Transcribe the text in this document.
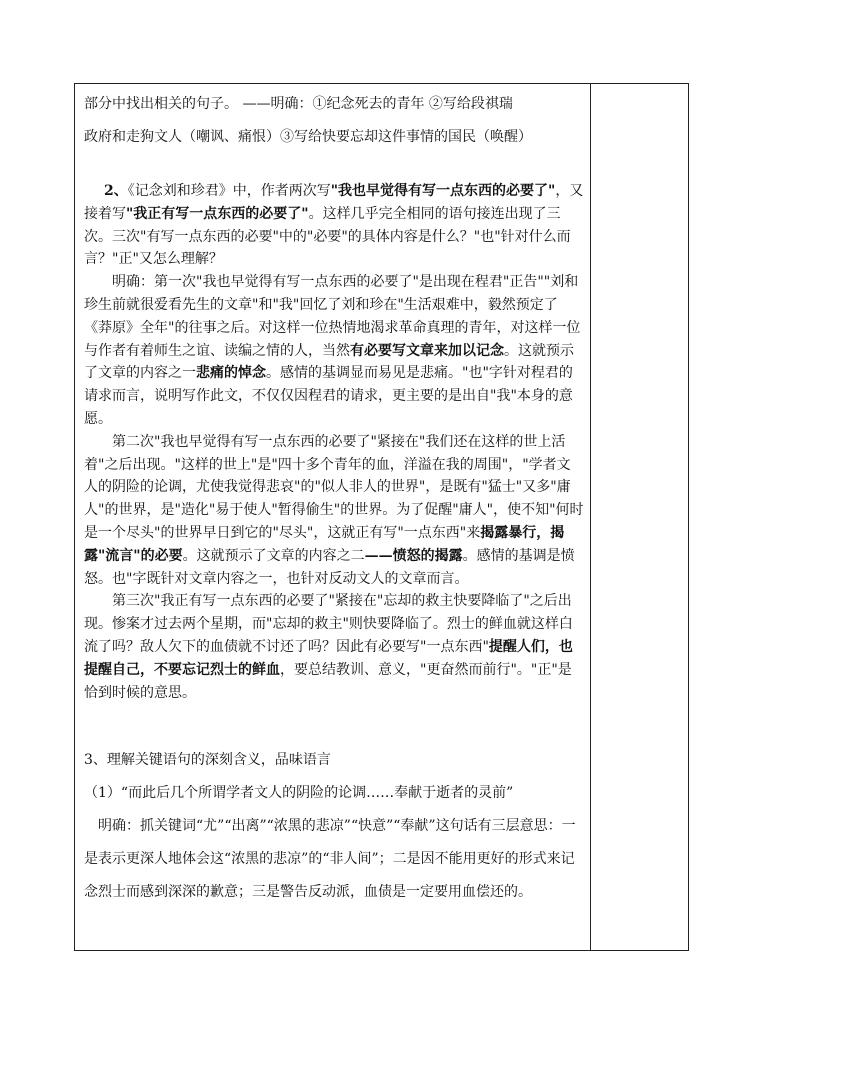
部分中找出相关的句子。 ——明确：①纪念死去的青年 ②写给段祺瑞

政府和走狗文人（嘲讽、痛恨）③写给快要忘却这件事情的国民（唤醒）

2、《记念刘和珍君》中，作者两次写"我也早觉得有写一点东西的必要了"，又接着写"我正有写一点东西的必要了"。这样几乎完全相同的语句接连出现了三次。三次"有写一点东西的必要"中的"必要"的具体内容是什么？"也"针对什么而言？"正"又怎么理解？

明确：第一次"我也早觉得有写一点东西的必要了"是出现在程君"正告""刘和珍生前就很爱看先生的文章"和"我"回忆了刘和珍在"生活艰难中，毅然预定了《莽原》全年"的往事之后。对这样一位热情地渴求革命真理的青年，对这样一位与作者有着师生之谊、读编之情的人，当然有必要写文章来加以记念。这就预示了文章的内容之一悲痛的悼念。感情的基调显而易见是悲痛。"也"字针对程君的请求而言，说明写作此文，不仅仅因程君的请求，更主要的是出自"我"本身的意愿。

第二次"我也早觉得有写一点东西的必要了"紧接在"我们还在这样的世上活着"之后出现。"这样的世上"是"四十多个青年的血，洋溢在我的周围"，"学者文人的阴险的论调，尤使我觉得悲哀"的"似人非人的世界"，是既有"猛士"又多"庸人"的世界，是"造化"易于使人"暂得偷生"的世界。为了促醒"庸人"，使不知"何时是一个尽头"的世界早日到它的"尽头"，这就正有写"一点东西"来揭露暴行，揭露"流言"的必要。这就预示了文章的内容之二——愤怒的揭露。感情的基调是愤怒。也"字既针对文章内容之一，也针对反动文人的文章而言。

第三次"我正有写一点东西的必要了"紧接在"忘却的救主快要降临了"之后出现。惨案才过去两个星期，而"忘却的救主"则快要降临了。烈士的鲜血就这样白流了吗？敌人欠下的血债就不讨还了吗？因此有必要写"一点东西"提醒人们，也提醒自己，不要忘记烈士的鲜血，要总结教训、意义，"更奋然而前行"。"正"是恰到时候的意思。

3、理解关键语句的深刻含义，品味语言

（1）“而此后几个所谓学者文人的阴险的论调……奉献于逝者的灵前”

明确：抓关键词“尤”“出离”“浓黑的悲凉”“快意”“奉献”这句话有三层意思：一是表示更深人地体会这“浓黑的悲凉”的“非人间”；二是因不能用更好的形式来记念烈士而感到深深的歉意；三是警告反动派，血债是一定要用血偿还的。
